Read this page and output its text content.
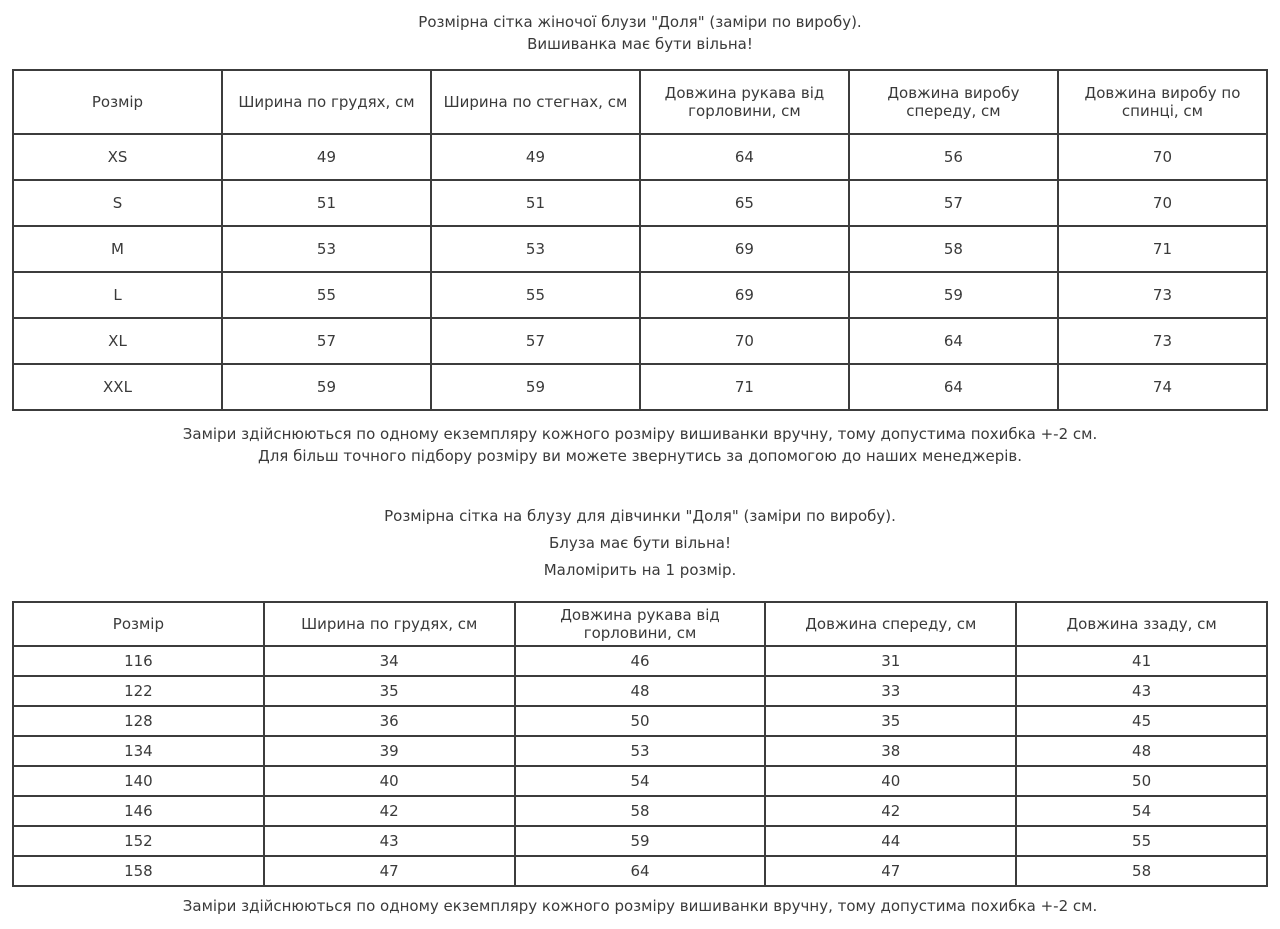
Розмірна сітка жіночої блузи "Доля" (заміри по виробу).
Вишиванка має бути вільна!
Розмір	Ширина по грудях, см	Ширина по стегнах, см	Довжина рукава від горловини, см	Довжина виробу спереду, см	Довжина виробу по спинці, см
XS	49	49	64	56	70
S	51	51	65	57	70
M	53	53	69	58	71
L	55	55	69	59	73
XL	57	57	70	64	73
XXL	59	59	71	64	74
Заміри здійснюються по одному екземпляру кожного розміру вишиванки вручну, тому допустима похибка +-2 см.
Для більш точного підбору розміру ви можете звернутись за допомогою до наших менеджерів.
Розмірна сітка на блузу для дівчинки "Доля" (заміри по виробу).
Блуза має бути вільна!
Маломірить на 1 розмір.
Розмір	Ширина по грудях, см	Довжина рукава від горловини, см	Довжина спереду, см	Довжина ззаду, см
116	34	46	31	41
122	35	48	33	43
128	36	50	35	45
134	39	53	38	48
140	40	54	40	50
146	42	58	42	54
152	43	59	44	55
158	47	64	47	58
Заміри здійснюються по одному екземпляру кожного розміру вишиванки вручну, тому допустима похибка +-2 см.
